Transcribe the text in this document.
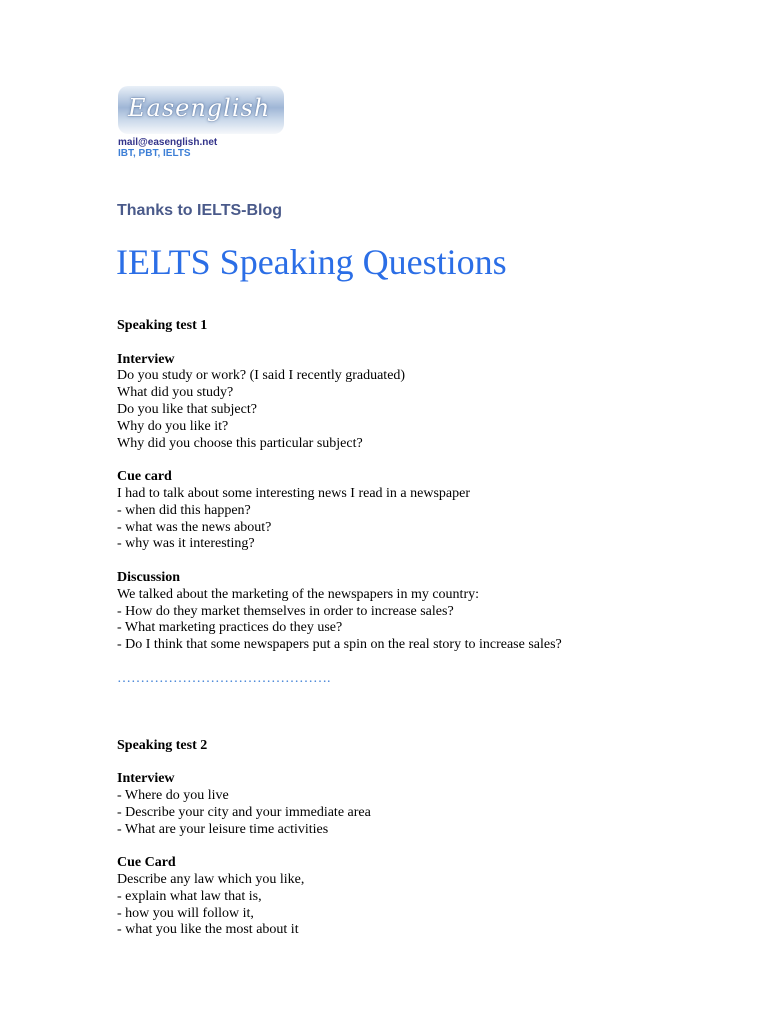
Easenglish
mail@easenglish.net
IBT, PBT, IELTS
Thanks to IELTS-Blog
IELTS Speaking Questions
Speaking test 1
Interview
Do you study or work? (I said I recently graduated)
What did you study?
Do you like that subject?
Why do you like it?
Why did you choose this particular subject?
Cue card
I had to talk about some interesting news I read in a newspaper
- when did this happen?
- what was the news about?
- why was it interesting?
Discussion
We talked about the marketing of the newspapers in my country:
- How do they market themselves in order to increase sales?
- What marketing practices do they use?
- Do I think that some newspapers put a spin on the real story to increase sales?
……………………………………….
Speaking test 2
Interview
- Where do you live
- Describe your city and your immediate area
- What are your leisure time activities
Cue Card
Describe any law which you like,
- explain what law that is,
- how you will follow it,
- what you like the most about it
